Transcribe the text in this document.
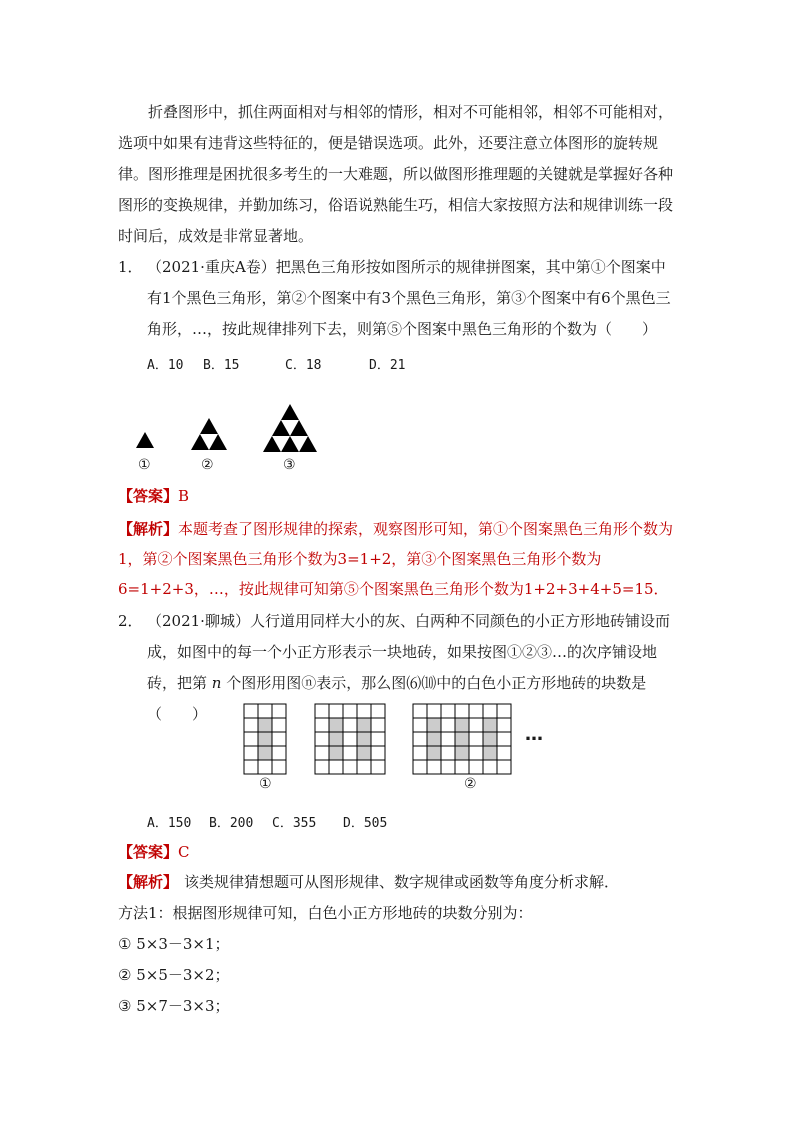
折叠图形中，抓住两面相对与相邻的情形，相对不可能相邻，相邻不可能相对，选项中如果有违背这些特征的，便是错误选项。此外，还要注意立体图形的旋转规律。 图形推理是困扰很多考生的一大难题，所以做图形推理题的关键就是掌握好各种图形的变换规律，并勤加练习，俗语说熟能生巧，相信大家按照方法和规律训练一段时间后，成效是非常显著地。

1． （2021·重庆A卷）把黑色三角形按如图所示的规律拼图案，其中第①个图案中有1个黑色三角形，第②个图案中有3个黑色三角形，第③个图案中有6个黑色三角形，…，按此规律排列下去，则第⑤个图案中黑色三角形的个数为（　　）

A．10 B．15	C．18	D．21
①	②	③
【答案】B

【解析】本题考查了图形规律的探索，观察图形可知，第①个图案黑色三角形个数为1，第②个图案黑色三角形个数为3=1+2，第③个图案黑色三角形个数为6=1+2+3，…，按此规律可知第⑤个图案黑色三角形个数为1+2+3+4+5=15．

2． （2021·聊城）人行道用同样大小的灰、白两种不同颜色的小正方形地砖铺设而成，如图中的每一个小正方形表示一块地砖，如果按图①②③…的次序铺设地砖，把第 n 个图形用图ⓝ表示，那么图⑹⑽中的白色小正方形地砖的块数是（　　）

①	②
…
A．150 B．200 C．355 D．505
【答案】C
【解析】 该类规律猜想题可从图形规律、数字规律或函数等角度分析求解．
方法1：根据图形规律可知，白色小正方形地砖的块数分别为：
① 5×3－3×1；
② 5×5－3×2；
③ 5×7－3×3；
